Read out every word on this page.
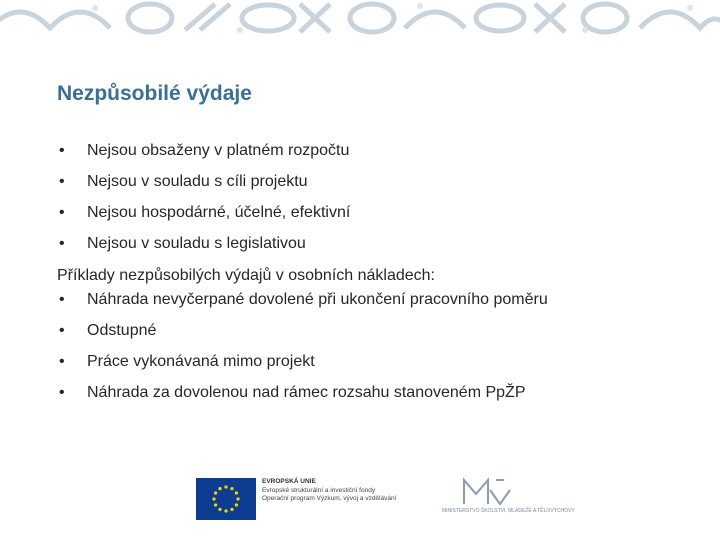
Nezpůsobilé výdaje
•	Nejsou obsaženy v platném rozpočtu
•	Nejsou v souladu s cíli projektu
•	Nejsou hospodárné, účelné, efektivní
•	Nejsou v souladu s legislativou
Příklady nezpůsobilých výdajů v osobních nákladech:
•	Náhrada nevyčerpané dovolené při ukončení pracovního poměru
•	Odstupné
•	Práce vykonávaná mimo projekt
•	Náhrada za dovolenou nad rámec rozsahu stanoveném PpŽP
EVROPSKÁ UNIE
Evropské strukturální a investiční fondy
Operační program Výzkum, vývoj a vzdělávání
MINISTERSTVO ŠKOLSTVÍ, MLÁDEŽE A TĚLOVÝCHOVY
